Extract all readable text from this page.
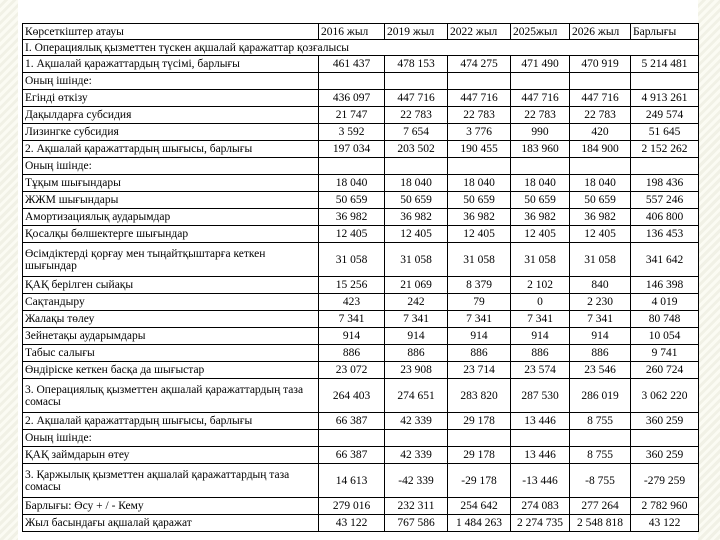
Көрсеткіштер атауы	2016 жыл	2019 жыл	2022 жыл	2025жыл	2026 жыл	Барлығы
I. Операциялық қызметтен түскен ақшалай қаражаттар қозғалысы						
1. Ақшалай қаражаттардың түсімі, барлығы	461 437	478 153	474 275	471 490	470 919	5 214 481
Оның ішінде:						
Егінді өткізу	436 097	447 716	447 716	447 716	447 716	4 913 261
Дақылдарға субсидия	21 747	22 783	22 783	22 783	22 783	249 574
Лизингке субсидия	3 592	7 654	3 776	990	420	51 645
2. Ақшалай қаражаттардың шығысы, барлығы	197 034	203 502	190 455	183 960	184 900	2 152 262
Оның ішінде:						
Тұқым шығындары	18 040	18 040	18 040	18 040	18 040	198 436
ЖЖМ шығындары	50 659	50 659	50 659	50 659	50 659	557 246
Амортизациялық аударымдар	36 982	36 982	36 982	36 982	36 982	406 800
Қосалқы бөлшектерге шығындар	12 405	12 405	12 405	12 405	12 405	136 453
Өсімдіктерді қорғау мен тыңайтқыштарға кеткен шығындар	31 058	31 058	31 058	31 058	31 058	341 642
ҚАҚ берілген сыйақы	15 256	21 069	8 379	2 102	840	146 398
Сақтандыру	423	242	79	0	2 230	4 019
Жалақы төлеу	7 341	7 341	7 341	7 341	7 341	80 748
Зейнетақы аударымдары	914	914	914	914	914	10 054
Табыс салығы	886	886	886	886	886	9 741
Өндіріске кеткен басқа да шығыстар	23 072	23 908	23 714	23 574	23 546	260 724
3. Операциялық қызметтен ақшалай қаражаттардың таза сомасы	264 403	274 651	283 820	287 530	286 019	3 062 220
2. Ақшалай қаражаттардың шығысы, барлығы	66 387	42 339	29 178	13 446	8 755	360 259
Оның ішінде:						
ҚАҚ займдарын өтеу	66 387	42 339	29 178	13 446	8 755	360 259
3. Қаржылық қызметтен ақшалай қаражаттардың таза сомасы	14 613	-42 339	-29 178	-13 446	-8 755	-279 259
Барлығы: Өсу + / - Кему	279 016	232 311	254 642	274 083	277 264	2 782 960
Жыл басындағы ақшалай қаражат	43 122	767 586	1 484 263	2 274 735	2 548 818	43 122
